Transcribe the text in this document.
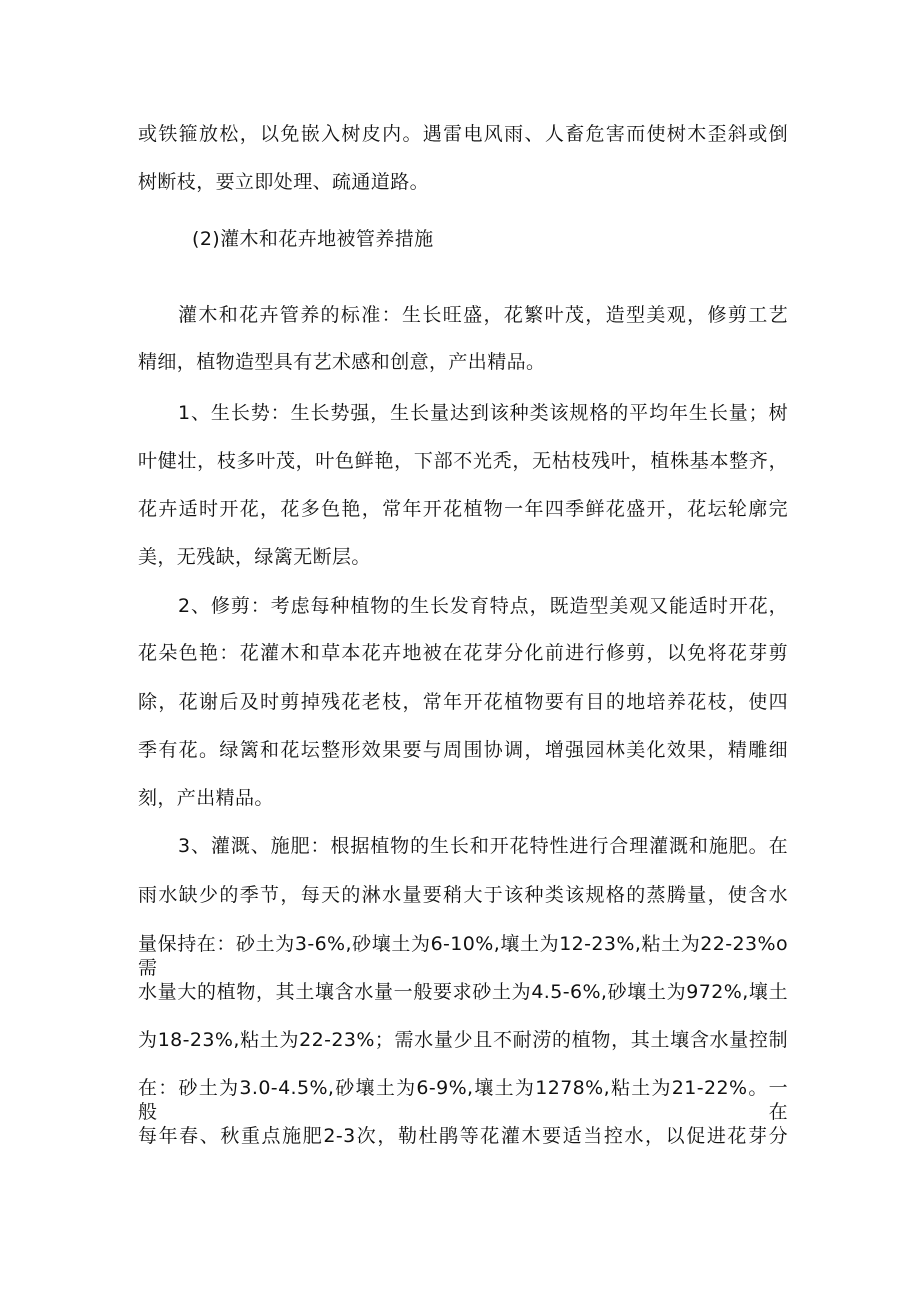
或铁箍放松，以免嵌入树皮内。遇雷电风雨、人畜危害而使树木歪斜或倒

树断枝，要立即处理、疏通道路。

(2)灌木和花卉地被管养措施

灌木和花卉管养的标准：生长旺盛，花繁叶茂，造型美观，修剪工艺

精细，植物造型具有艺术感和创意，产出精品。

1、生长势：生长势强，生长量达到该种类该规格的平均年生长量；树

叶健壮，枝多叶茂，叶色鲜艳，下部不光秃，无枯枝残叶，植株基本整齐，

花卉适时开花，花多色艳，常年开花植物一年四季鲜花盛开，花坛轮廓完

美，无残缺，绿篱无断层。

2、修剪：考虑每种植物的生长发育特点，既造型美观又能适时开花，

花朵色艳：花灌木和草本花卉地被在花芽分化前进行修剪，以免将花芽剪

除，花谢后及时剪掉残花老枝，常年开花植物要有目的地培养花枝，使四

季有花。绿篱和花坛整形效果要与周围协调，增强园林美化效果，精雕细

刻，产出精品。

3、灌溉、施肥：根据植物的生长和开花特性进行合理灌溉和施肥。在

雨水缺少的季节，每天的淋水量要稍大于该种类该规格的蒸腾量，使含水

量保持在：砂土为3-6%,砂壤土为6-10%,壤土为12-23%,粘土为22-23%o需

水量大的植物，其土壤含水量一般要求砂土为4.5-6%,砂壤土为972%,壤土

为18-23%,粘土为22-23%；需水量少且不耐涝的植物，其土壤含水量控制

在：砂土为3.0-4.5%,砂壤土为6-9%,壤土为1278%,粘土为21-22%。一般在

每年春、秋重点施肥2-3次，勒杜鹃等花灌木要适当控水，以促进花芽分
